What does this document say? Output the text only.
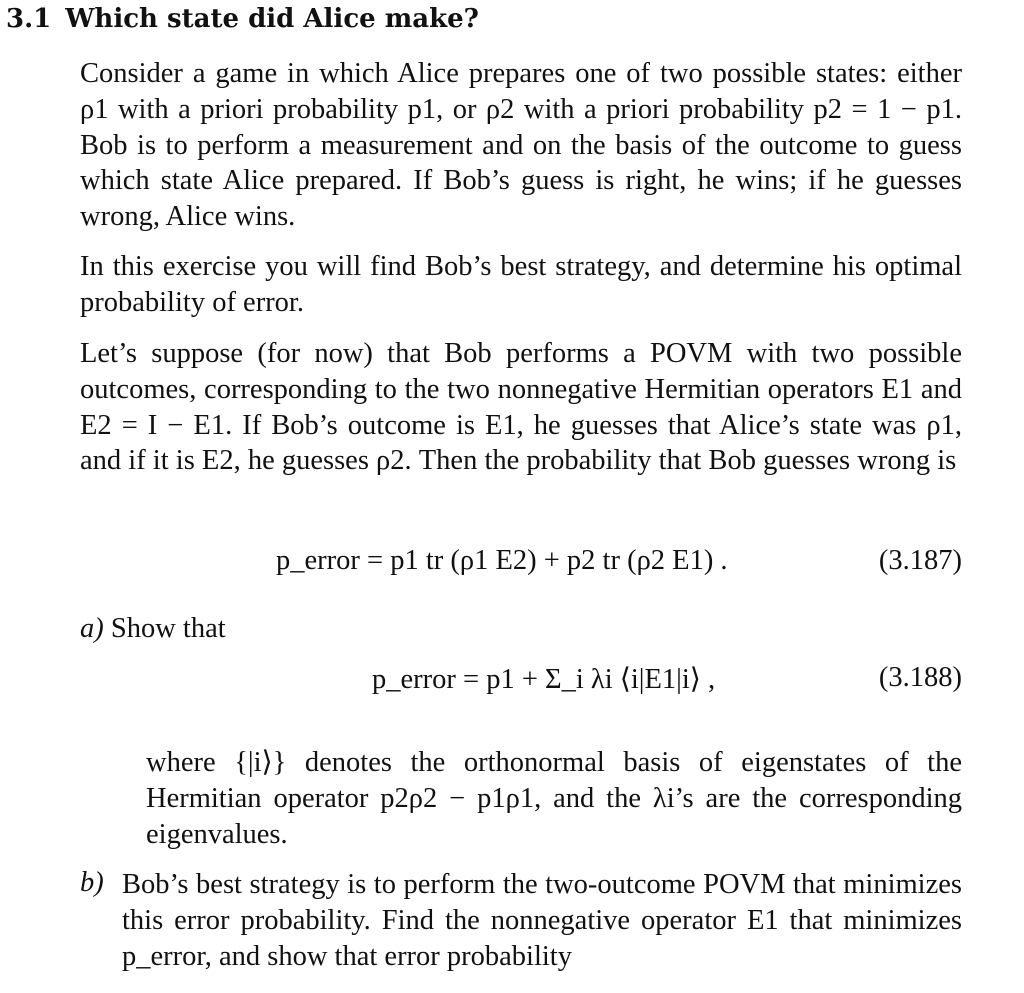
3.1 Which state did Alice make?

Consider a game in which Alice prepares one of two possible states: either ρ1 with a priori probability p1, or ρ2 with a priori probability p2 = 1 − p1. Bob is to perform a measurement and on the basis of the outcome to guess which state Alice prepared. If Bob’s guess is right, he wins; if he guesses wrong, Alice wins.

In this exercise you will find Bob’s best strategy, and determine his optimal probability of error.

Let’s suppose (for now) that Bob performs a POVM with two possible outcomes, corresponding to the two nonnegative Hermitian operators E1 and E2 = I − E1. If Bob’s outcome is E1, he guesses that Alice’s state was ρ1, and if it is E2, he guesses ρ2. Then the probability that Bob guesses wrong is

p_error = p1 tr (ρ1 E2) + p2 tr (ρ2 E1) .	(3.187)
a) Show that
p_error = p1 + Σ_i λi ⟨i|E1|i⟩ ,	(3.188)

where {|i⟩} denotes the orthonormal basis of eigenstates of the Hermitian operator p2ρ2 − p1ρ1, and the λi’s are the corresponding eigenvalues.

b) Bob’s best strategy is to perform the two-outcome POVM that minimizes this error probability. Find the nonnegative operator E1 that minimizes p_error, and show that error probability
